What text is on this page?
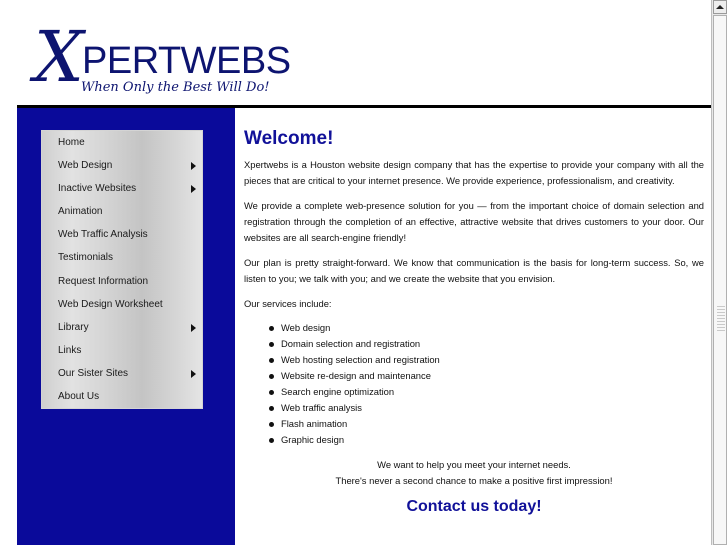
X
PERTWEBS
When Only the Best Will Do!
Home
Web Design
Inactive Websites
Animation
Web Traffic Analysis
Testimonials
Request Information
Web Design Worksheet
Library
Links
Our Sister Sites
About Us
Welcome!

Xpertwebs is a Houston website design company that has the expertise to provide your company with all the pieces that are critical to your internet presence. We provide experience, professionalism, and creativity.

We provide a complete web-presence solution for you — from the important choice of domain selection and registration through the completion of an effective, attractive website that drives customers to your door. Our websites are all search-engine friendly!

Our plan is pretty straight-forward. We know that communication is the basis for long-term success. So, we listen to you; we talk with you; and we create the website that you envision.

Our services include:

Web design
Domain selection and registration
Web hosting selection and registration
Website re-design and maintenance
Search engine optimization
Web traffic analysis
Flash animation
Graphic design

We want to help you meet your internet needs.

There's never a second chance to make a positive first impression!

Contact us today!
